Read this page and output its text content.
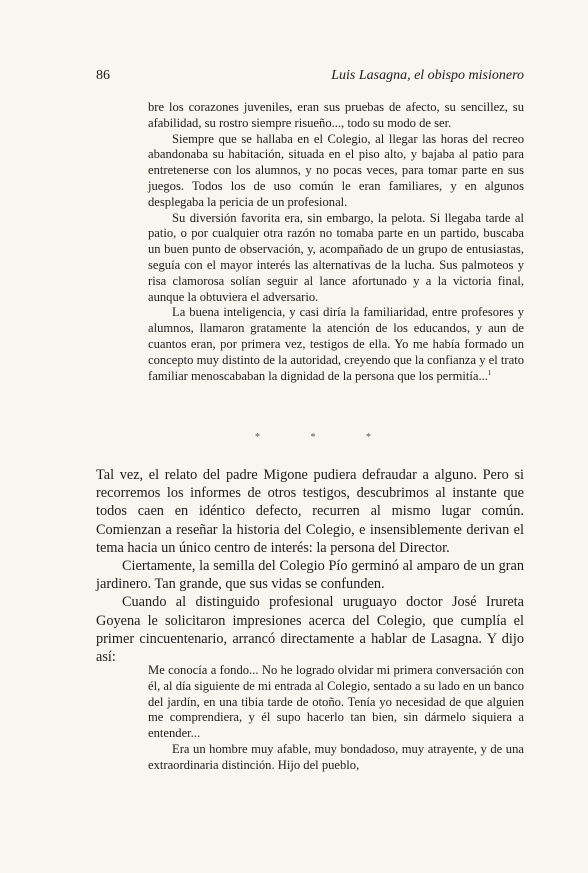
86	Luis Lasagna, el obispo misionero

bre los corazones juveniles, eran sus pruebas de afecto, su sencillez, su afabilidad, su rostro siempre risueño..., todo su modo de ser.

Siempre que se hallaba en el Colegio, al llegar las horas del recreo abandonaba su habitación, situada en el piso alto, y bajaba al patio para entretenerse con los alumnos, y no pocas veces, para tomar parte en sus juegos. Todos los de uso común le eran familiares, y en algunos desplegaba la pericia de un profesional.

Su diversión favorita era, sin embargo, la pelota. Si llegaba tarde al patio, o por cualquier otra razón no tomaba parte en un partido, buscaba un buen punto de observación, y, acompañado de un grupo de entusiastas, seguía con el mayor interés las alternativas de la lucha. Sus palmoteos y risa clamorosa solían seguir al lance afortunado y a la victoria final, aunque la obtuviera el adversario.

La buena inteligencia, y casi diría la familiaridad, entre profesores y alumnos, llamaron gratamente la atención de los educandos, y aun de cuantos eran, por primera vez, testigos de ella. Yo me había formado un concepto muy distinto de la autoridad, creyendo que la confianza y el trato familiar menoscababan la dignidad de la persona que los permitía...$^1$

*	*	*

Tal vez, el relato del padre Migone pudiera defraudar a alguno. Pero si recorremos los informes de otros testigos, descubrimos al instante que todos caen en idéntico defecto, recurren al mismo lugar común. Comienzan a reseñar la historia del Colegio, e insensiblemente derivan el tema hacia un único centro de interés: la persona del Director.

Ciertamente, la semilla del Colegio Pío germinó al amparo de un gran jardinero. Tan grande, que sus vidas se confunden.

Cuando al distinguido profesional uruguayo doctor José Irureta Goyena le solicitaron impresiones acerca del Colegio, que cumplía el primer cincuentenario, arrancó directamente a hablar de Lasagna. Y dijo así:

Me conocía a fondo... No he logrado olvidar mi primera conversación con él, al día siguiente de mi entrada al Colegio, sentado a su lado en un banco del jardín, en una tibia tarde de otoño. Tenía yo necesidad de que alguien me comprendiera, y él supo hacerlo tan bien, sin dármelo siquiera a entender...

Era un hombre muy afable, muy bondadoso, muy atrayente, y de una extraordinaria distinción. Hijo del pueblo,
